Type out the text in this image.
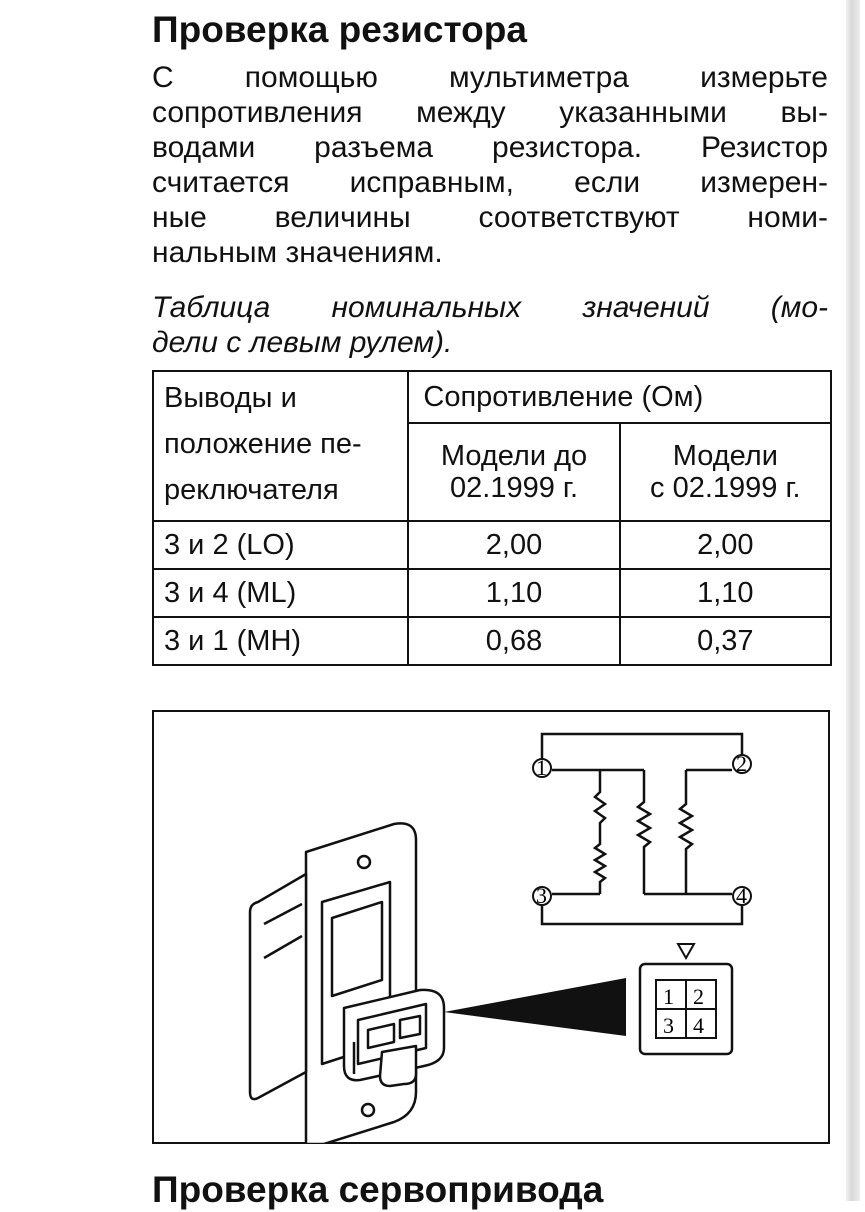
Проверка резистора

С помощью мультиметра измерьте
сопротивления между указанными вы-
водами разъема резистора. Резистор
считается исправным, если измерен-
ные величины соответствуют номи-
нальным значениям.

Таблица номинальных значений (мо-
дели с левым рулем).

Выводы и
положение пе-
реключателя	Сопротивление (Ом)	

	Модели до
02.1999 г.	Модели
с 02.1999 г.

3 и 2 (LO)	2,00	2,00
3 и 4 (ML)	1,10	1,10
3 и 1 (MH)	0,68	0,37
1	2
3	4
1 2
3 4
Проверка сервопривода
